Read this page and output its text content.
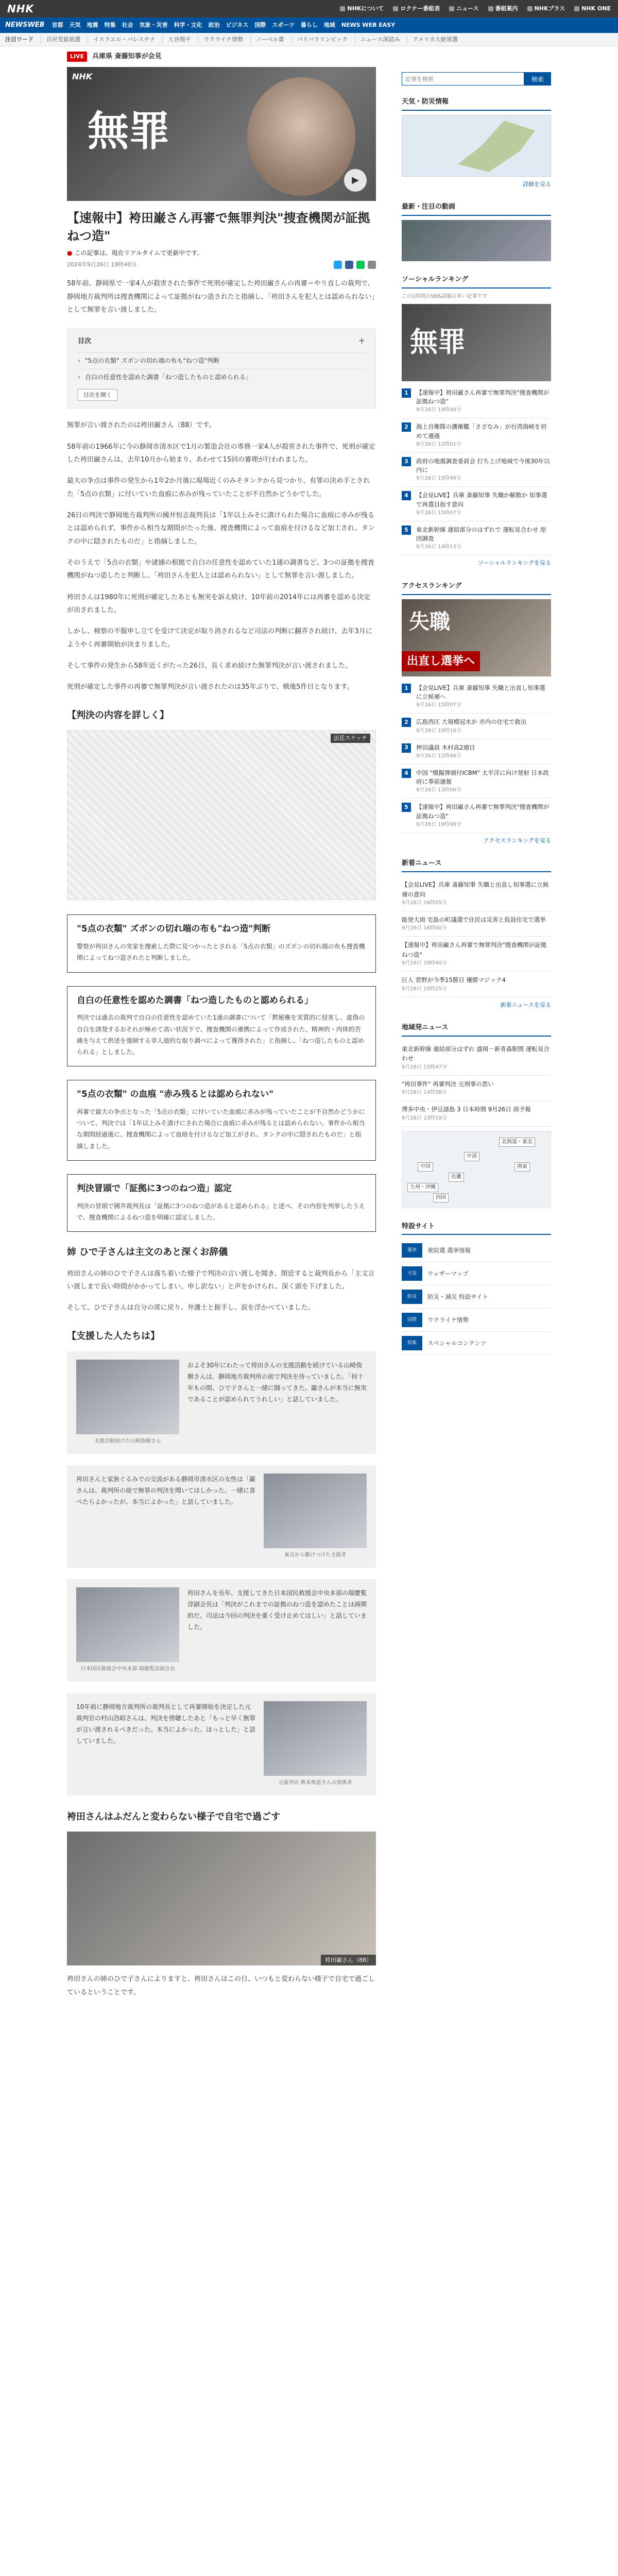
NHK	NHKについて	ロクナー番組表	ニュース	番組案内	NHKプラス	NHK ONE
NEWSWEB 首都 天気 地震 特集 社会 気象・災害 科学・文化 政治 ビジネス 国際 スポーツ 暮らし 地域 NEWS WEB EASY
注目ワード	自民党総裁選	イスラエル・パレスチナ	大谷翔平	ウクライナ情勢	ノーベル賞	パリパラリンピック	ニュース深読み	アメリカ大統領選
LIVE	兵庫県 斎藤知事が会見
NHK
無罪
▶
【速報中】袴田巌さん再審で無罪判決"捜査機関が証拠ねつ造"
● この記事は、現在リアルタイムで更新中です。
2024年9月26日 19時40分

58年前、静岡県で一家4人が殺害された事件で死刑が確定した袴田巌さんの再審＝やり直しの裁判で、静岡地方裁判所は捜査機関によって証拠がねつ造されたと指摘し、「袴田さんを犯人とは認められない」として無罪を言い渡しました。

目次	＋
› "5点の衣類" ズボンの切れ端の布も"ねつ造"判断
› 自白の任意性を認めた調書「ねつ造したものと認められる」
目次を開く

無罪が言い渡されたのは袴田巌さん（88）です。

58年前の1966年に今の静岡市清水区で1月の製造会社の専務一家4人が殺害された事件で、死刑が確定した袴田巌さんは、去年10月から始まり、あわせて15回の審理が行われました。

最大の争点は事件の発生から1年2か月後に現場近くのみそタンクから見つかり、有罪の決め手とされた「5点の衣類」に付いていた血痕に赤みが残っていたことが不自然かどうかでした。

26日の判決で静岡地方裁判所の國井恒志裁判長は「1年以上みそに漬けられた場合に血痕に赤みが残るとは認められず、事件から相当な期間がたった後、捜査機関によって血痕を付けるなど加工され、タンクの中に隠されたものだ」と指摘しました。

そのうえで「5点の衣類」や逮捕の根拠で自白の任意性を認めていた1通の調書など、3つの証拠を捜査機関がねつ造したと判断し、「袴田さんを犯人とは認められない」として無罪を言い渡しました。

袴田さんは1980年に死刑が確定したあとも無実を訴え続け、10年前の2014年には再審を認める決定が出されました。

しかし、検察の不服申し立てを受けて決定が取り消されるなど司法の判断に翻弄され続け、去年3月にようやく再審開始が決まりました。

そして事件の発生から58年近くがたった26日、長く求め続けた無罪判決が言い渡されました。

死刑が確定した事件の再審で無罪判決が言い渡されたのは35年ぶりで、戦後5件目となります。

【判決の内容を詳しく】
法廷スケッチ
"5点の衣類" ズボンの切れ端の布も"ねつ造"判断

警察が袴田さんの実家を捜索した際に見つかったとされる「5点の衣類」のズボンの切れ端の布も捜査機関によってねつ造されたと判断しました。

自白の任意性を認めた調書「ねつ造したものと認められる」

判決では過去の裁判で自白の任意性を認めていた1通の調書について「黙秘権を実質的に侵害し、虚偽の自白を誘発するおそれが極めて高い状況下で、捜査機関の連携によって作成された、精神的・肉体的苦痛を与えて供述を強制する非人道的な取り調べによって獲得された」と指摘し、「ねつ造したものと認められる」としました。

"5点の衣類" の血痕 "赤み残るとは認められない"

再審で最大の争点となった「5点の衣類」に付いていた血痕に赤みが残っていたことが不自然かどうかについて、判決では「1年以上みそ漬けにされた場合に血痕に赤みが残るとは認められない。事件から相当な期間経過後に、捜査機関によって血痕を付けるなど加工がされ、タンクの中に隠されたものだ」と指摘しました。

判決冒頭で「証拠に3つのねつ造」認定

判決の冒頭で國井裁判長は「証拠に3つのねつ造があると認められる」と述べ、その内容を列挙したうえで、捜査機関によるねつ造を明確に認定しました。

姉 ひで子さんは主文のあと深くお辞儀

袴田さんの姉のひで子さんは落ち着いた様子で判決の言い渡しを聞き、閉廷すると裁判長から「主文言い渡しまで長い時間がかかってしまい、申し訳ない」と声をかけられ、深く頭を下げました。

そして、ひで子さんは自分の席に戻り、弁護士と握手し、涙を浮かべていました。

【支援した人たちは】
支援活動続けた山崎俊樹さん

およそ30年にわたって袴田さんの支援活動を続けている山崎俊樹さんは、静岡地方裁判所の前で判決を待っていました。「何十年もの間、ひで子さんと一緒に闘ってきた。巌さんが本当に無実であることが認められてうれしい」と話していました。

東京から駆けつけた支援者

袴田さんと家族ぐるみでの交流がある静岡市清水区の女性は「巌さんは、裁判所の前で無罪の判決を聞いてほしかった。一緒に喜べたらよかったが、本当によかった」と話していました。

日本国民救援会中央本部 瑞慶覧淳副会長

袴田さんを長年、支援してきた日本国民救援会中央本部の瑞慶覧淳副会長は「判決がこれまでの証拠のねつ造を認めたことは画期的だ。司法は今回の判決を重く受け止めてほしい」と話していました。

元裁判官 熊本典道さんの関係者

10年前に静岡地方裁判所の裁判長として再審開始を決定した元裁判官の村山浩昭さんは、判決を傍聴したあと「もっと早く無罪が言い渡されるべきだった。本当によかった。ほっとした」と話していました。

袴田さんはふだんと変わらない様子で自宅で過ごす
袴田巌さん（88）

袴田さんの姉のひで子さんによりますと、袴田さんはこの日、いつもと変わらない様子で自宅で過ごしているということです。

記事を検索
検索
天気・防災情報
詳細を見る
最新・注目の動画
ソーシャルランキング
この1時間のSNS話題の多い記事です
無罪
1	【速報中】袴田巌さん再審で無罪判決"捜査機関が証拠ねつ造"
9月26日 19時40分
2	海上自衛隊の護衛艦「さざなみ」が台湾海峡を初めて通過
9月26日 12時01分
3	政府の地震調査委員会 打ち上げ地域で今後30年以内に
9月26日 15時49分
4	【会見LIVE】兵庫 斎藤知事 失職か解散か 知事選で再選目指す意向
9月26日 15時07分
5	東北新幹線 連結部分のはずれで 運転見合わせ 原因調査
9月26日 14時13分
ソーシャルランキングを見る
アクセスランキング
失職
出直し選挙へ
1	【会見LIVE】兵庫 斎藤知事 失職と出直し知事選に立候補へ
9月26日 15時07分
2	広島西区 大規模冠水か 市内の住宅で救出
9月26日 10時10分
3	押田議員 木村高2週目
9月26日 12時48分
4	中国 "模擬弾頭付ICBM" 太平洋に向け発射 日本政府に事前通報
9月26日 13時00分
5	【速報中】袴田巌さん再審で無罪判決"捜査機関が証拠ねつ造"
9月26日 19時40分
アクセスランキングを見る
新着ニュース
【会見LIVE】兵庫 斎藤知事 失職と出直し知事選に立候補の意向
9月26日 16時05分
能登大雨 宅島の町議選で住民は災害と仮設住宅で選挙
9月26日 16時00分
【速報中】袴田巌さん再審で無罪判決"捜査機関が証拠ねつ造"
9月26日 19時40分
巨人 菅野が今季15勝目 優勝マジック4
9月26日 15時25分
新着ニュースを見る
地域発ニュース
東北新幹線 連結部分はずれ 盛岡－新青森駅間 運転見合わせ
9月26日 15時47分
"袴田事件" 再審判決 元刑事の思い
9月26日 14時38分
博多中央・伊豆諸島 3 日本時間 9月26日 雨予報
9月26日 13時19分
北海道・東北
関東
中部
近畿
中国
九州・沖縄
四国
特設サイト
選挙	衆院選 選挙情報
天気	ウェザーマップ
防災	防災・減災 特設サイト
国際	ウクライナ情勢
特集	スペシャルコンテンツ
